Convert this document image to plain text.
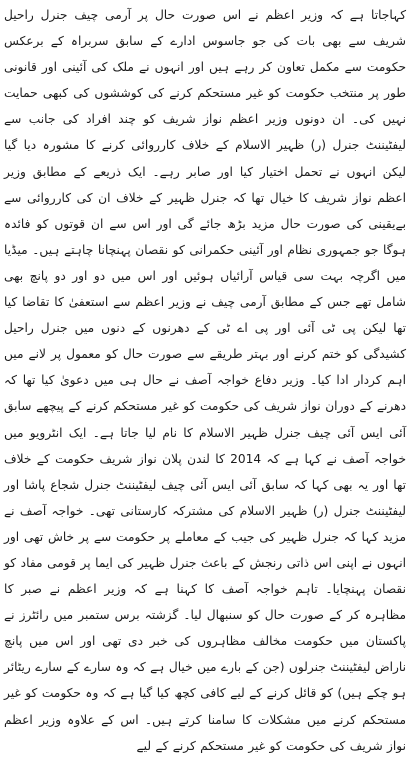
کہاجاتا ہے کہ وزیر اعظم نے اس صورت حال پر آرمی چیف جنرل راحیل شریف سے بھی بات کی جو جاسوس ادارے کے سابق سربراہ کے برعکس حکومت سے مکمل تعاون کر رہے ہیں اور انہوں نے ملک کی آئینی اور قانونی طور پر منتخب حکومت کو غیر مستحکم کرنے کی کوششوں کی کبھی حمایت نہیں کی۔ ان دونوں وزیر اعظم نواز شریف کو چند افراد کی جانب سے لیفٹیننٹ جنرل (ر) ظہیر الاسلام کے خلاف کارروائی کرنے کا مشورہ دیا گیا لیکن انہوں نے تحمل اختیار کیا اور صابر رہے۔ ایک ذریعے کے مطابق وزیر اعظم نواز شریف کا خیال تھا کہ جنرل ظہیر کے خلاف ان کی کارروائی سے بےیقینی کی صورت حال مزید بڑھ جائے گی اور اس سے ان قوتوں کو فائدہ ہوگا جو جمہوری نظام اور آئینی حکمرانی کو نقصان پہنچانا چاہتے ہیں۔ میڈیا میں اگرچہ بہت سی قیاس آرائیاں ہوئیں اور اس میں دو اور دو پانچ بھی شامل تھے جس کے مطابق آرمی چیف نے وزیر اعظم سے استعفیٰ کا تقاضا کیا تھا لیکن پی ٹی آئی اور پی اے ٹی کے دھرنوں کے دنوں میں جنرل راحیل کشیدگی کو ختم کرنے اور بہتر طریقے سے صورت حال کو معمول پر لانے میں اہم کردار ادا کیا۔ وزیر دفاع خواجہ آصف نے حال ہی میں دعویٰ کیا تھا کہ دھرنے کے دوران نواز شریف کی حکومت کو غیر مستحکم کرنے کے پیچھے سابق آئی ایس آئی چیف جنرل ظہیر الاسلام کا نام لیا جاتا ہے۔ ایک انٹرویو میں خواجہ آصف نے کہا ہے کہ 2014 کا لندن پلان نواز شریف حکومت کے خلاف تھا اور یہ بھی کہا کہ سابق آئی ایس آئی چیف لیفٹیننٹ جنرل شجاع پاشا اور لیفٹیننٹ جنرل (ر) ظہیر الاسلام کی مشترکہ کارستانی تھی۔ خواجہ آصف نے مزید کہا کہ جنرل ظہیر کی جیب کے معاملے پر حکومت سے پر خاش تھی اور انہوں نے اپنی اس ذاتی رنجش کے باعث جنرل ظہیر کی ایما پر قومی مفاد کو نقصان پہنچایا۔ تاہم خواجہ آصف کا کہنا ہے کہ وزیر اعظم نے صبر کا مظاہرہ کر کے صورت حال کو سنبھال لیا۔ گزشتہ برس ستمبر میں رائٹرز نے پاکستان میں حکومت مخالف مظاہروں کی خبر دی تھی اور اس میں پانچ ناراض لیفٹیننٹ جنرلوں (جن کے بارے میں خیال ہے کہ وہ سارے کے سارے ریٹائر ہو چکے ہیں) کو قائل کرنے کے لیے کافی کچھ کیا گیا ہے کہ وہ حکومت کو غیر مستحکم کرنے میں مشکلات کا سامنا کرتے ہیں۔ اس کے علاوہ وزیر اعظم نواز شریف کی حکومت کو غیر مستحکم کرنے کے لیے
